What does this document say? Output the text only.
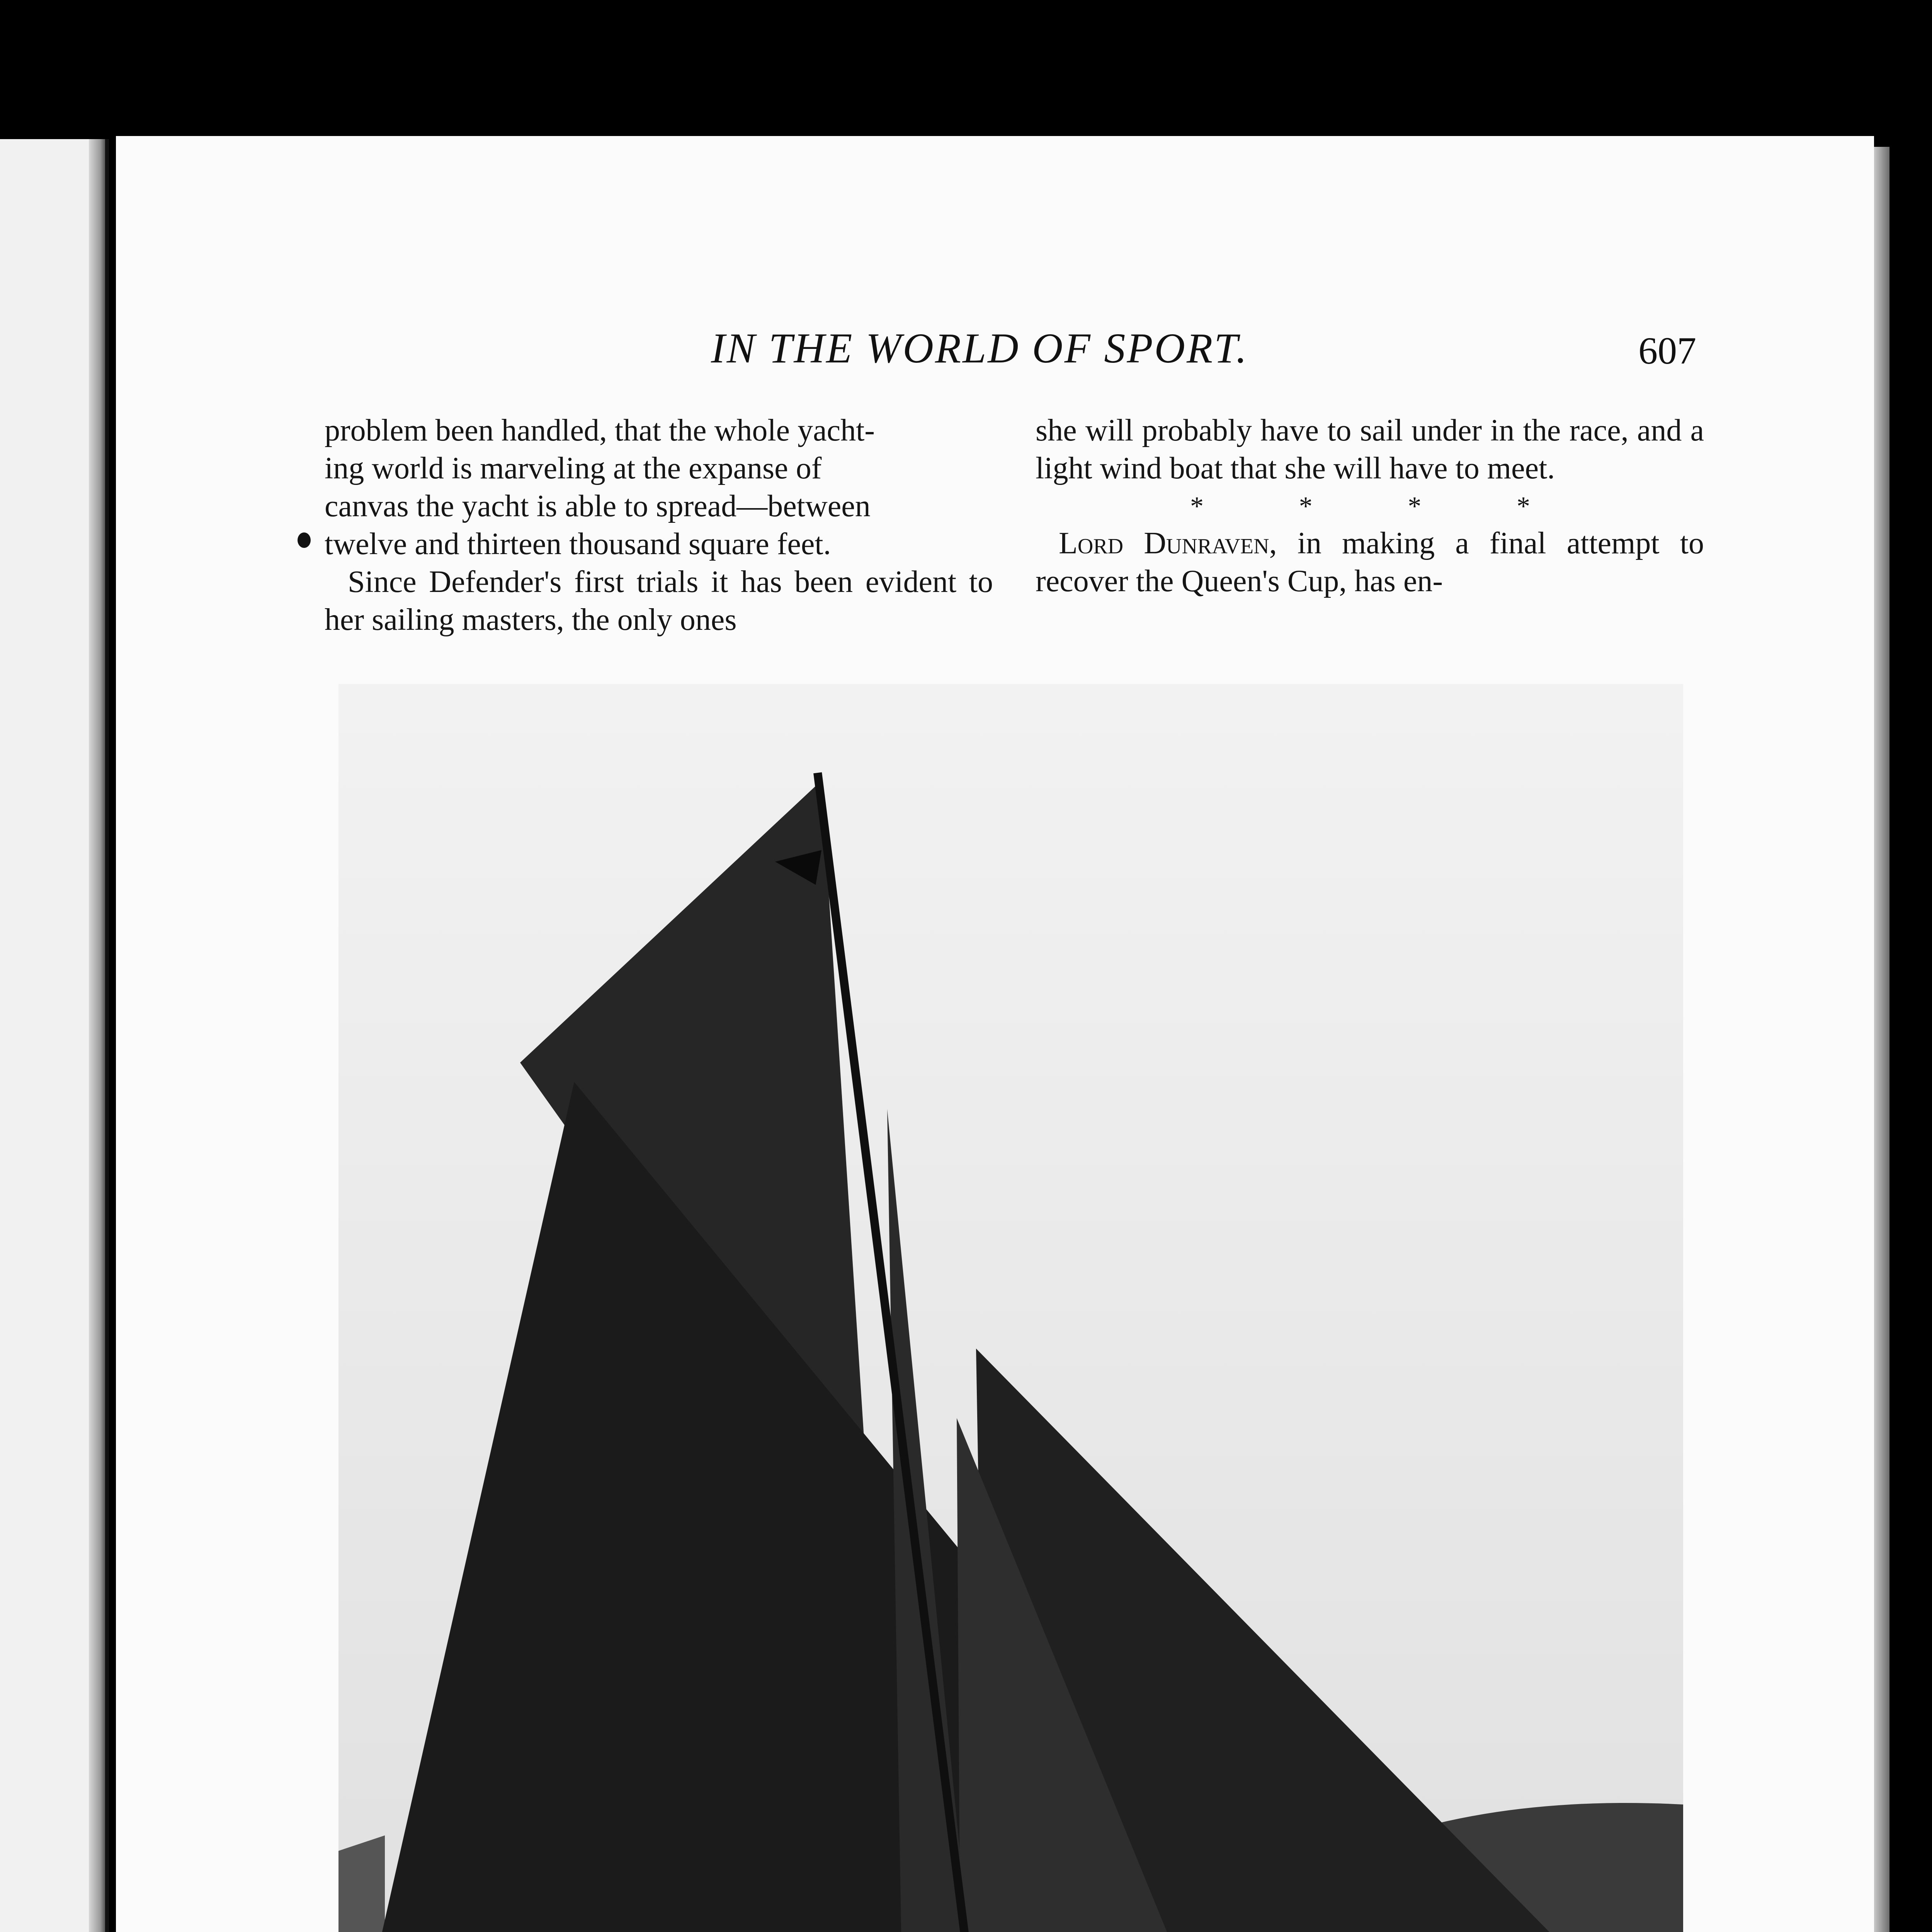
IN THE WORLD OF SPORT.	607

problem been handled, that the whole yacht-

ing world is marveling at the expanse of

canvas the yacht is able to spread—between

twelve and thirteen thousand square feet.

Since Defender's first trials it has been evident to her sailing masters, the only ones

she will probably have to sail under in the race, and a light wind boat that she will have to meet.

*	*	*	*

Lord Dunraven, in making a final attempt to recover the Queen's Cup, has en-
